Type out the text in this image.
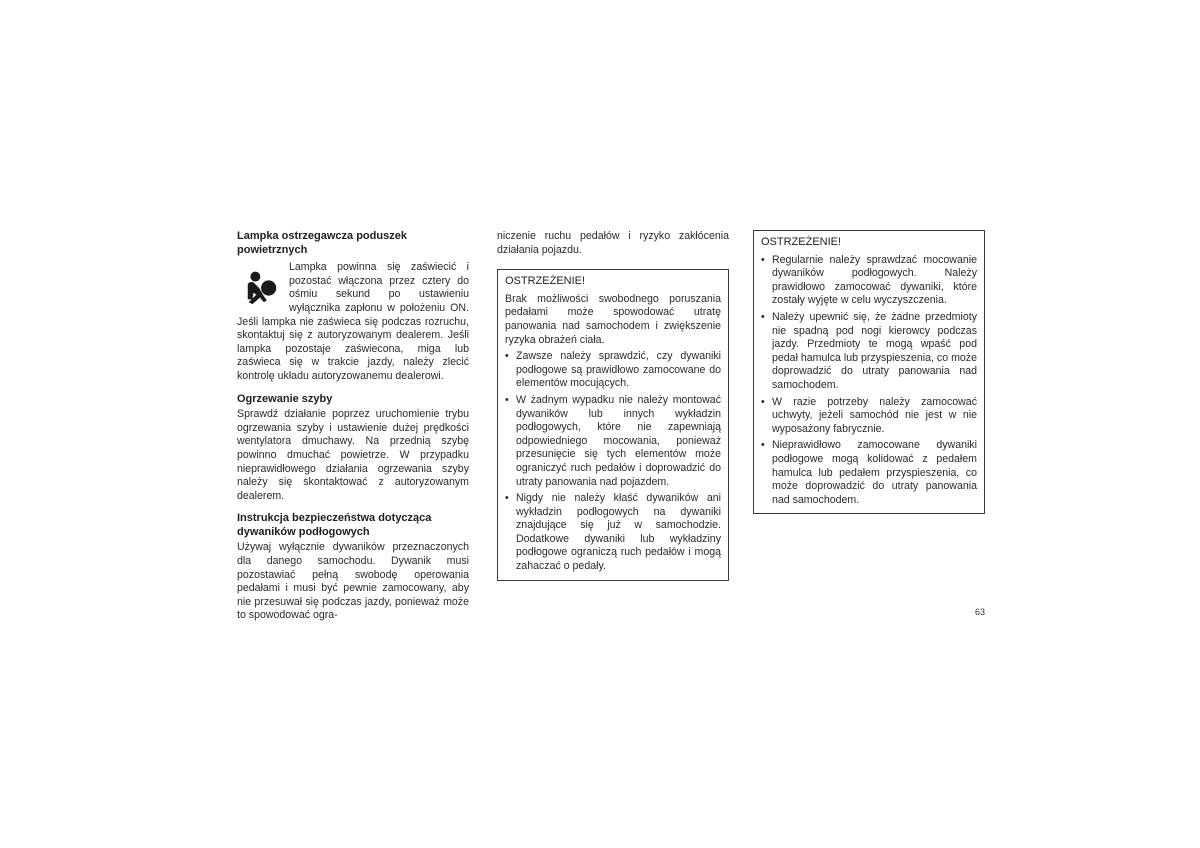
Lampka ostrzegawcza poduszek powietrznych

Lampka powinna się zaświecić i pozostać włączona przez cztery do ośmiu sekund po ustawieniu wyłącznika zapłonu w położeniu ON. Jeśli lampka nie zaświeca się podczas rozruchu, skontaktuj się z autoryzowanym dealerem. Jeśli lampka pozostaje zaświecona, miga lub zaświeca się w trakcie jazdy, należy zlecić kontrolę układu autoryzowanemu dealerowi.

Ogrzewanie szyby

Sprawdź działanie poprzez uruchomienie trybu ogrzewania szyby i ustawienie dużej prędkości wentylatora dmuchawy. Na przednią szybę powinno dmuchać powietrze. W przypadku nieprawidłowego działania ogrzewania szyby należy się skontaktować z autoryzowanym dealerem.

Instrukcja bezpieczeństwa dotycząca dywaników podłogowych

Używaj wyłącznie dywaników przeznaczonych dla danego samochodu. Dywanik musi pozostawiać pełną swobodę operowania pedałami i musi być pewnie zamocowany, aby nie przesuwał się podczas jazdy, ponieważ może to spowodować ogra-

niczenie ruchu pedałów i ryzyko zakłócenia działania pojazdu.

OSTRZEŻENIE!

Brak możliwości swobodnego poruszania pedałami może spowodować utratę panowania nad samochodem i zwiększenie ryzyka obrażeń ciała.

• Zawsze należy sprawdzić, czy dywaniki podłogowe są prawidłowo zamocowane do elementów mocujących.
• W żadnym wypadku nie należy montować dywaników lub innych wykładzin podłogowych, które nie zapewniają odpowiedniego mocowania, ponieważ przesunięcie się tych elementów może ograniczyć ruch pedałów i doprowadzić do utraty panowania nad pojazdem.
• Nigdy nie należy kłaść dywaników ani wykładzin podłogowych na dywaniki znajdujące się już w samochodzie. Dodatkowe dywaniki lub wykładziny podłogowe ograniczą ruch pedałów i mogą zahaczać o pedały.
OSTRZEŻENIE!
• Regularnie należy sprawdzać mocowanie dywaników podłogowych. Należy prawidłowo zamocować dywaniki, które zostały wyjęte w celu wyczyszczenia.
• Należy upewnić się, że żadne przedmioty nie spadną pod nogi kierowcy podczas jazdy. Przedmioty te mogą wpaść pod pedał hamulca lub przyspieszenia, co może doprowadzić do utraty panowania nad samochodem.
• W razie potrzeby należy zamocować uchwyty, jeżeli samochód nie jest w nie wyposażony fabrycznie.
• Nieprawidłowo zamocowane dywaniki podłogowe mogą kolidować z pedałem hamulca lub pedałem przyspieszenia, co może doprowadzić do utraty panowania nad samochodem.
63
